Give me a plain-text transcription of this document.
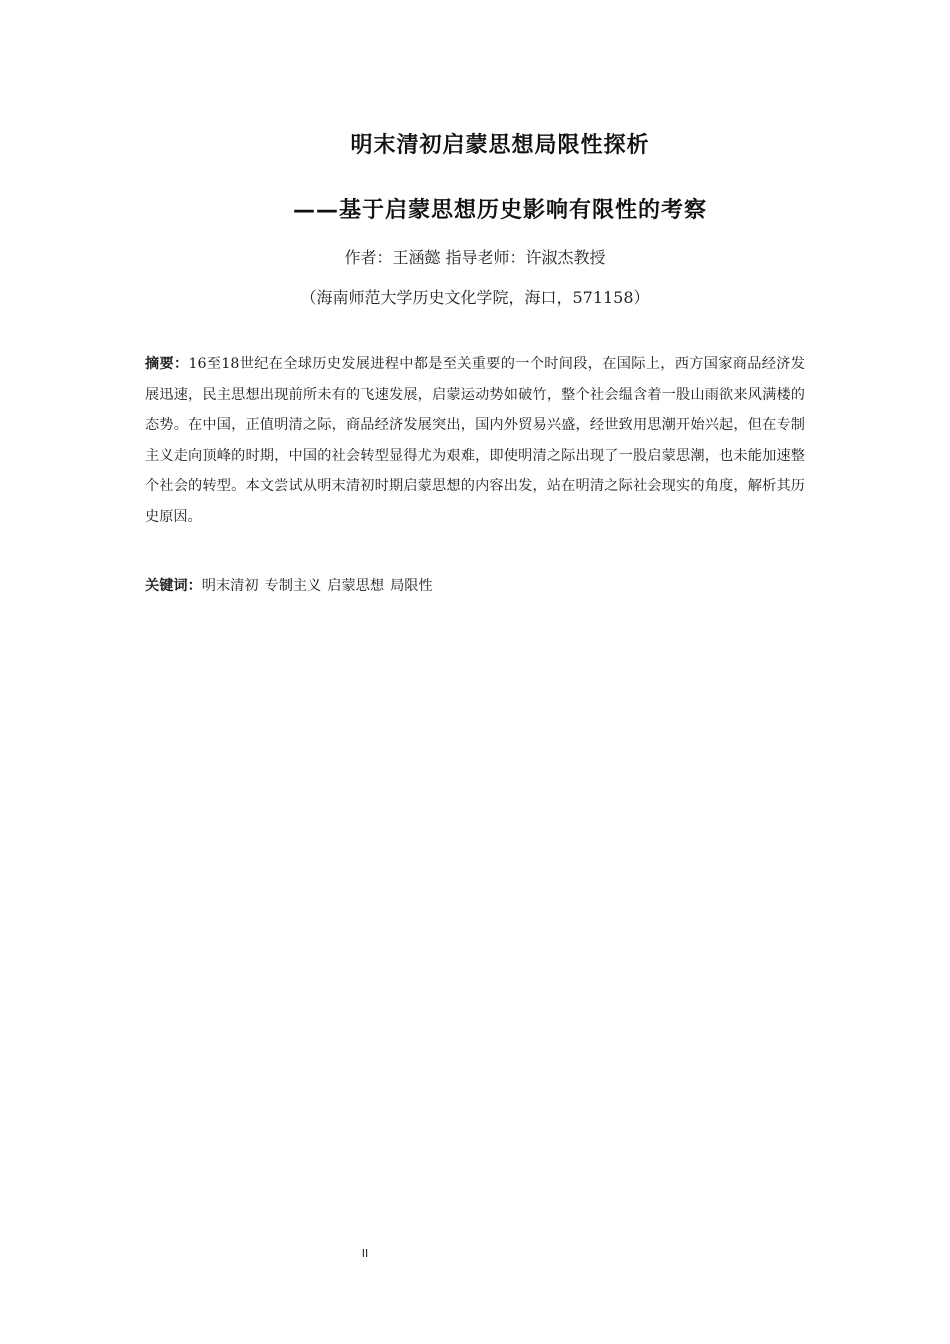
明末清初启蒙思想局限性探析
——基于启蒙思想历史影响有限性的考察
作者：王涵懿 指导老师：许淑杰教授
（海南师范大学历史文化学院，海口，571158）
摘要：16至18世纪在全球历史发展进程中都是至关重要的一个时间段，在国际上，西方国家商品经济发展迅速，民主思想出现前所未有的飞速发展，启蒙运动势如破竹，整个社会缊含着一股山雨欲来风满楼的态势。在中国，正值明清之际，商品经济发展突出，国内外贸易兴盛，经世致用思潮开始兴起，但在专制主义走向顶峰的时期，中国的社会转型显得尤为艰难，即使明清之际出现了一股启蒙思潮，也未能加速整个社会的转型。本文尝试从明末清初时期启蒙思想的内容出发，站在明清之际社会现实的角度，解析其历史原因。
关键词：明末清初 专制主义 启蒙思想 局限性
II
